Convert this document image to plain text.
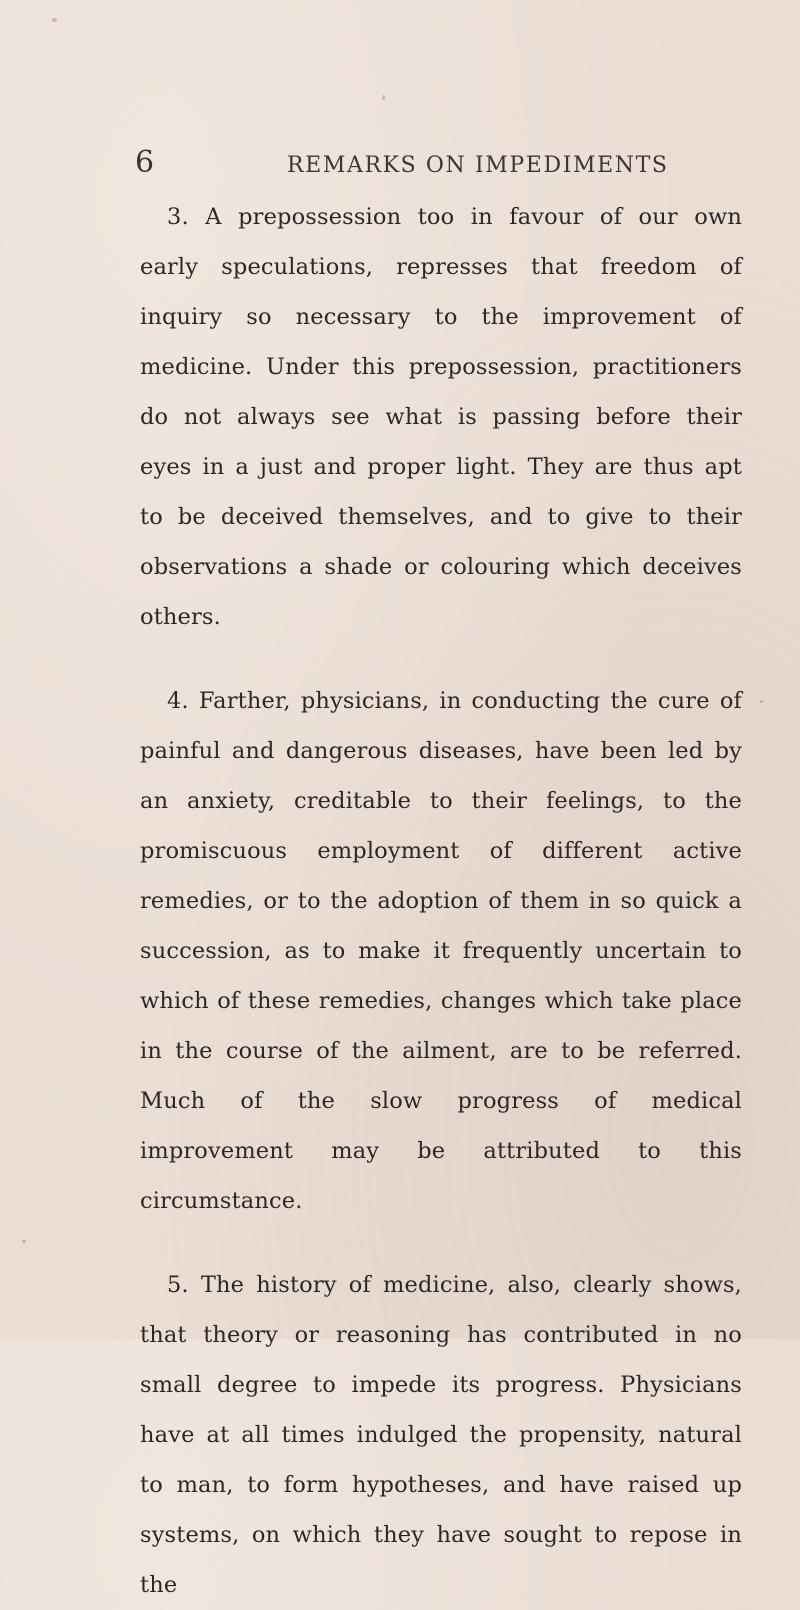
6	REMARKS ON IMPEDIMENTS

3. A prepossession too in favour of our own early speculations, represses that freedom of inquiry so necessary to the improvement of medicine. Under this prepossession, practitioners do not always see what is passing before their eyes in a just and proper light. They are thus apt to be deceived themselves, and to give to their observations a shade or colouring which deceives others.

4. Farther, physicians, in conducting the cure of painful and dangerous diseases, have been led by an anxiety, creditable to their feelings, to the promiscuous employment of different active remedies, or to the adoption of them in so quick a succession, as to make it frequently uncertain to which of these remedies, changes which take place in the course of the ailment, are to be referred. Much of the slow progress of medical improvement may be attributed to this circumstance.

5. The history of medicine, also, clearly shows, that theory or reasoning has contributed in no small degree to impede its progress. Physicians have at all times indulged the propensity, natural to man, to form hypotheses, and have raised up systems, on which they have sought to repose in the
